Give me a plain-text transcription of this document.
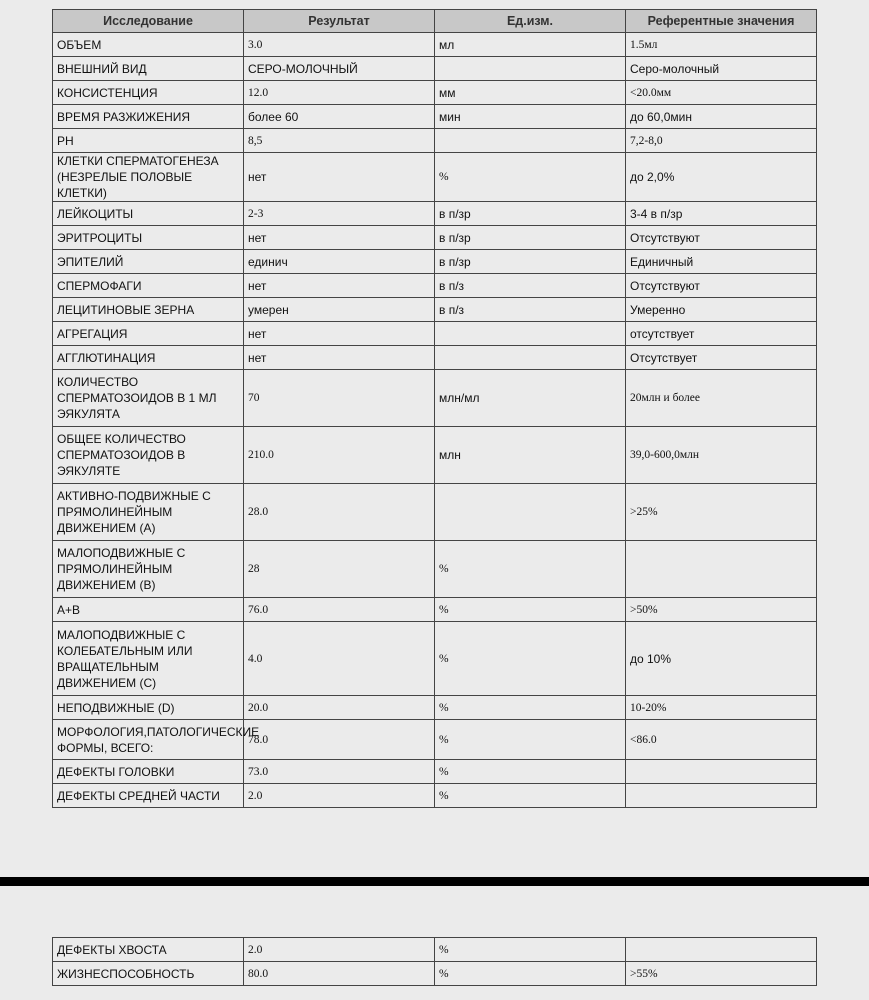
Исследование	Результат	Ед.изм.	Референтные значения
ОБЪЕМ	3.0	мл	1.5мл
ВНЕШНИЙ ВИД	СЕРО-МОЛОЧНЫЙ		Серо-молочный
КОНСИСТЕНЦИЯ	12.0	мм	<20.0мм
ВРЕМЯ РАЗЖИЖЕНИЯ	более 60	мин	до 60,0мин
PH	8,5		7,2-8,0
КЛЕТКИ СПЕРМАТОГЕНЕЗА (НЕЗРЕЛЫЕ ПОЛОВЫЕ КЛЕТКИ)	нет	%	до 2,0%
ЛЕЙКОЦИТЫ	2-3	в п/зр	3-4 в п/зр
ЭРИТРОЦИТЫ	нет	в п/зр	Отсутствуют
ЭПИТЕЛИЙ	единич	в п/зр	Единичный
СПЕРМОФАГИ	нет	в п/з	Отсутствуют
ЛЕЦИТИНОВЫЕ ЗЕРНА	умерен	в п/з	Умеренно
АГРЕГАЦИЯ	нет		отсутствует
АГГЛЮТИНАЦИЯ	нет		Отсутствует
КОЛИЧЕСТВО СПЕРМАТОЗОИДОВ В 1 МЛ ЭЯКУЛЯТА	70	млн/мл	20млн и более
ОБЩЕЕ КОЛИЧЕСТВО СПЕРМАТОЗОИДОВ В ЭЯКУЛЯТЕ	210.0	млн	39,0-600,0млн
АКТИВНО-ПОДВИЖНЫЕ С ПРЯМОЛИНЕЙНЫМ ДВИЖЕНИЕМ (А)	28.0		>25%
МАЛОПОДВИЖНЫЕ С ПРЯМОЛИНЕЙНЫМ ДВИЖЕНИЕМ (В)	28	%	
А+В	76.0	%	>50%
МАЛОПОДВИЖНЫЕ С КОЛЕБАТЕЛЬНЫМ ИЛИ ВРАЩАТЕЛЬНЫМ ДВИЖЕНИЕМ (С)	4.0	%	до 10%
НЕПОДВИЖНЫЕ (D)	20.0	%	10-20%
МОРФОЛОГИЯ,ПАТОЛОГИЧЕСКИЕ ФОРМЫ, ВСЕГО:	78.0	%	<86.0
ДЕФЕКТЫ ГОЛОВКИ	73.0	%	
ДЕФЕКТЫ СРЕДНЕЙ ЧАСТИ	2.0	%	
ДЕФЕКТЫ ХВОСТА	2.0	%	
ЖИЗНЕСПОСОБНОСТЬ	80.0	%	>55%
